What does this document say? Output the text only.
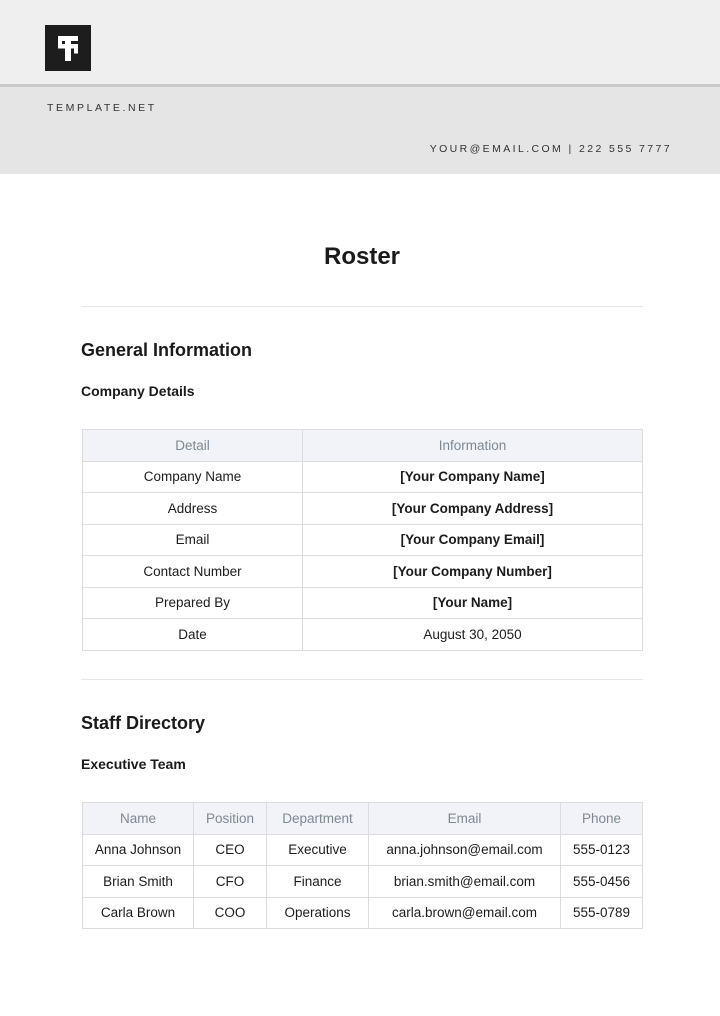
TEMPLATE.NET
YOUR@EMAIL.COM | 222 555 7777
Roster
General Information
Company Details
Detail	Information
Company Name	[Your Company Name]
Address	[Your Company Address]
Email	[Your Company Email]
Contact Number	[Your Company Number]
Prepared By	[Your Name]
Date	August 30, 2050
Staff Directory
Executive Team
Name	Position	Department	Email	Phone
Anna Johnson	CEO	Executive	anna.johnson@email.com	555-0123
Brian Smith	CFO	Finance	brian.smith@email.com	555-0456
Carla Brown	COO	Operations	carla.brown@email.com	555-0789
